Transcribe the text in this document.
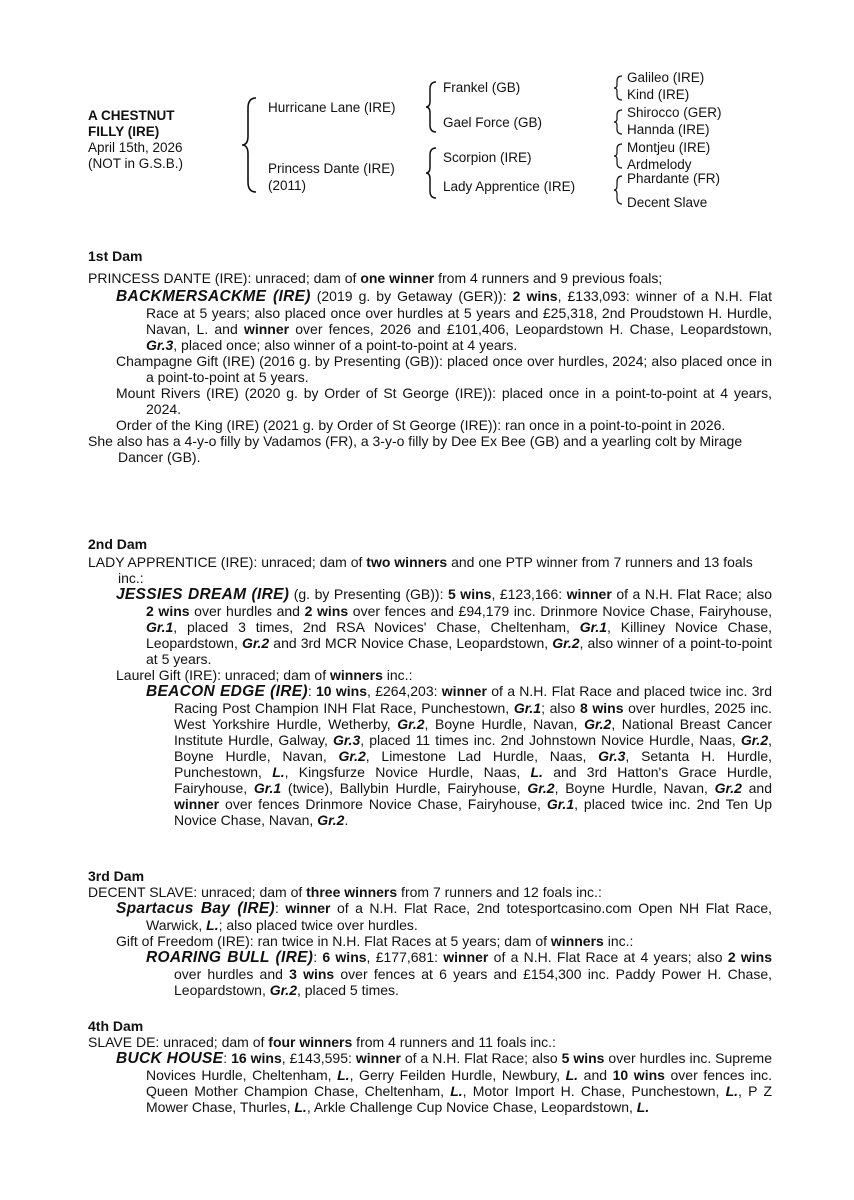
A CHESTNUT
FILLY (IRE)
April 15th, 2026
(NOT in G.S.B.)
Hurricane Lane (IRE)
Princess Dante (IRE)
(2011)
Frankel (GB)
Gael Force (GB)
Scorpion (IRE)
Lady Apprentice (IRE)
Galileo (IRE)
Kind (IRE)
Shirocco (GER)
Hannda (IRE)
Montjeu (IRE)
Ardmelody
Phardante (FR)
Decent Slave

1st Dam

PRINCESS DANTE (IRE): unraced; dam of one winner from 4 runners and 9 previous foals;

BACKMERSACKME (IRE) (2019 g. by Getaway (GER)): 2 wins, £133,093: winner of a N.H. Flat Race at 5 years; also placed once over hurdles at 5 years and £25,318, 2nd Proudstown H. Hurdle, Navan, L. and winner over fences, 2026 and £101,406, Leopardstown H. Chase, Leopardstown, Gr.3, placed once; also winner of a point-to-point at 4 years.

Champagne Gift (IRE) (2016 g. by Presenting (GB)): placed once over hurdles, 2024; also placed once in a point-to-point at 5 years.

Mount Rivers (IRE) (2020 g. by Order of St George (IRE)): placed once in a point-to-point at 4 years, 2024.

Order of the King (IRE) (2021 g. by Order of St George (IRE)): ran once in a point-to-point in 2026.

She also has a 4-y-o filly by Vadamos (FR), a 3-y-o filly by Dee Ex Bee (GB) and a yearling colt by Mirage Dancer (GB).

2nd Dam

LADY APPRENTICE (IRE): unraced; dam of two winners and one PTP winner from 7 runners and 13 foals inc.:

JESSIES DREAM (IRE) (g. by Presenting (GB)): 5 wins, £123,166: winner of a N.H. Flat Race; also 2 wins over hurdles and 2 wins over fences and £94,179 inc. Drinmore Novice Chase, Fairyhouse, Gr.1, placed 3 times, 2nd RSA Novices' Chase, Cheltenham, Gr.1, Killiney Novice Chase, Leopardstown, Gr.2 and 3rd MCR Novice Chase, Leopardstown, Gr.2, also winner of a point-to-point at 5 years.

Laurel Gift (IRE): unraced; dam of winners inc.:

BEACON EDGE (IRE): 10 wins, £264,203: winner of a N.H. Flat Race and placed twice inc. 3rd Racing Post Champion INH Flat Race, Punchestown, Gr.1; also 8 wins over hurdles, 2025 inc. West Yorkshire Hurdle, Wetherby, Gr.2, Boyne Hurdle, Navan, Gr.2, National Breast Cancer Institute Hurdle, Galway, Gr.3, placed 11 times inc. 2nd Johnstown Novice Hurdle, Naas, Gr.2, Boyne Hurdle, Navan, Gr.2, Limestone Lad Hurdle, Naas, Gr.3, Setanta H. Hurdle, Punchestown, L., Kingsfurze Novice Hurdle, Naas, L. and 3rd Hatton's Grace Hurdle, Fairyhouse, Gr.1 (twice), Ballybin Hurdle, Fairyhouse, Gr.2, Boyne Hurdle, Navan, Gr.2 and winner over fences Drinmore Novice Chase, Fairyhouse, Gr.1, placed twice inc. 2nd Ten Up Novice Chase, Navan, Gr.2.

3rd Dam

DECENT SLAVE: unraced; dam of three winners from 7 runners and 12 foals inc.:

Spartacus Bay (IRE): winner of a N.H. Flat Race, 2nd totesportcasino.com Open NH Flat Race, Warwick, L.; also placed twice over hurdles.

Gift of Freedom (IRE): ran twice in N.H. Flat Races at 5 years; dam of winners inc.:

ROARING BULL (IRE): 6 wins, £177,681: winner of a N.H. Flat Race at 4 years; also 2 wins over hurdles and 3 wins over fences at 6 years and £154,300 inc. Paddy Power H. Chase, Leopardstown, Gr.2, placed 5 times.

4th Dam

SLAVE DE: unraced; dam of four winners from 4 runners and 11 foals inc.:

BUCK HOUSE: 16 wins, £143,595: winner of a N.H. Flat Race; also 5 wins over hurdles inc. Supreme Novices Hurdle, Cheltenham, L., Gerry Feilden Hurdle, Newbury, L. and 10 wins over fences inc. Queen Mother Champion Chase, Cheltenham, L., Motor Import H. Chase, Punchestown, L., P Z Mower Chase, Thurles, L., Arkle Challenge Cup Novice Chase, Leopardstown, L.
